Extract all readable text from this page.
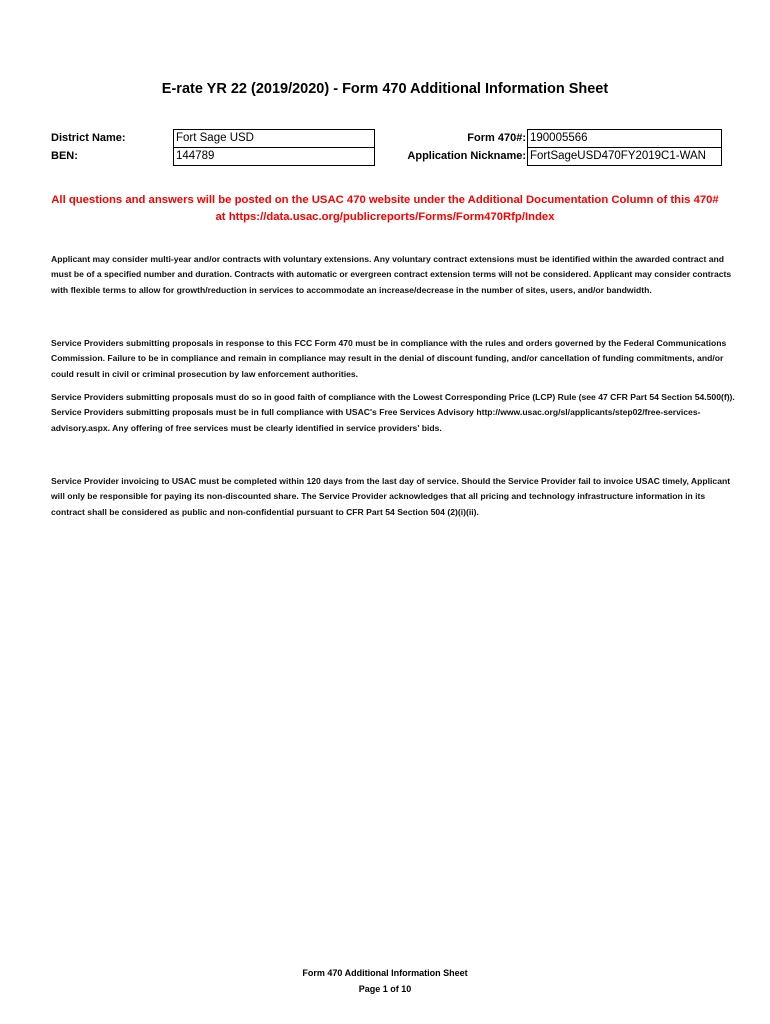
E-rate YR 22 (2019/2020) - Form 470 Additional Information Sheet
District Name:	Fort Sage USD
BEN:	144789
Form 470#: 190005566
Application Nickname: FortSageUSD470FY2019C1-WAN
All questions and answers will be posted on the USAC 470 website under the Additional Documentation Column of this 470#
at https://data.usac.org/publicreports/Forms/Form470Rfp/Index
Applicant may consider multi-year and/or contracts with voluntary extensions. Any voluntary contract extensions must be identified within the awarded contract and must be of a specified number and duration. Contracts with automatic or evergreen contract extension terms will not be considered. Applicant may consider contracts with flexible terms to allow for growth/reduction in services to accommodate an increase/decrease in the number of sites, users, and/or bandwidth.
Service Providers submitting proposals in response to this FCC Form 470 must be in compliance with the rules and orders governed by the Federal Communications Commission. Failure to be in compliance and remain in compliance may result in the denial of discount funding, and/or cancellation of funding commitments, and/or could result in civil or criminal prosecution by law enforcement authorities.
Service Providers submitting proposals must do so in good faith of compliance with the Lowest Corresponding Price (LCP) Rule (see 47 CFR Part 54 Section 54.500(f)). Service Providers submitting proposals must be in full compliance with USAC's Free Services Advisory http://www.usac.org/sl/applicants/step02/free-services-advisory.aspx. Any offering of free services must be clearly identified in service providers' bids.
Service Provider invoicing to USAC must be completed within 120 days from the last day of service. Should the Service Provider fail to invoice USAC timely, Applicant will only be responsible for paying its non-discounted share. The Service Provider acknowledges that all pricing and technology infrastructure information in its contract shall be considered as public and non-confidential pursuant to CFR Part 54 Section 504 (2)(i)(ii).
Form 470 Additional Information Sheet
Page 1 of 10
